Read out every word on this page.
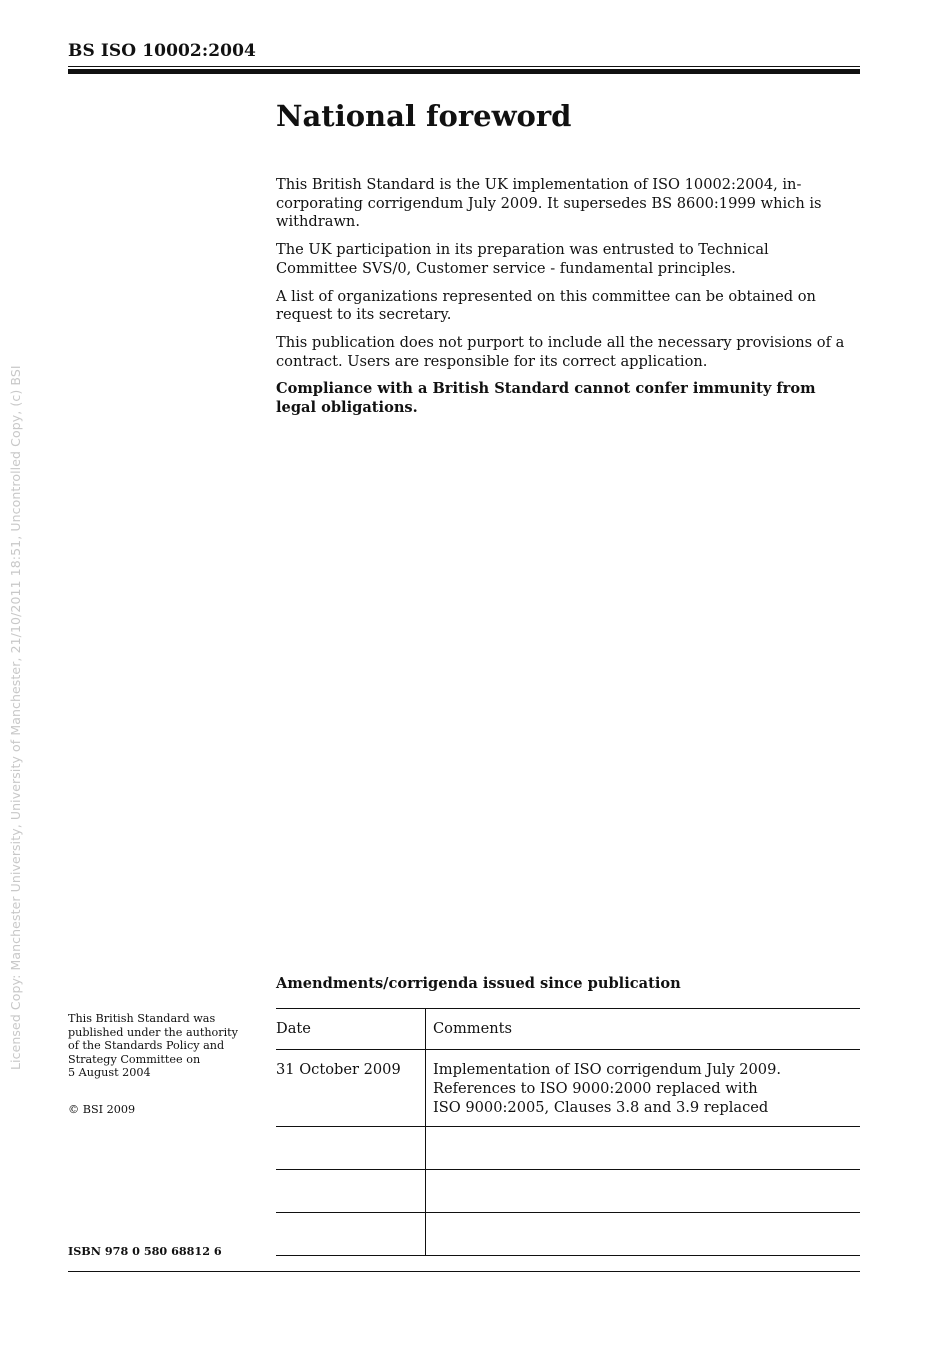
BS ISO 10002:2004
Licensed Copy: Manchester University, University of Manchester, 21/10/2011 18:51, Uncontrolled Copy, (c) BSI
National foreword

This British Standard is the UK implementation of ISO 10002:2004, in- corporating corrigendum July 2009. It supersedes BS 8600:1999 which is withdrawn.

The UK participation in its preparation was entrusted to Technical Committee SVS/0, Customer service - fundamental principles.

A list of organizations represented on this committee can be obtained on request to its secretary.

This publication does not purport to include all the necessary provisions of a contract. Users are responsible for its correct application.

Compliance with a British Standard cannot confer immunity from legal obligations.

Amendments/corrigenda issued since publication
Date	Comments
31 October 2009	Implementation of ISO corrigendum July 2009.
References to ISO 9000:2000 replaced with
ISO 9000:2005, Clauses 3.8 and 3.9 replaced

This British Standard was
published under the authority
of the Standards Policy and
Strategy Committee on
5 August 2004
© BSI 2009
ISBN 978 0 580 68812 6
